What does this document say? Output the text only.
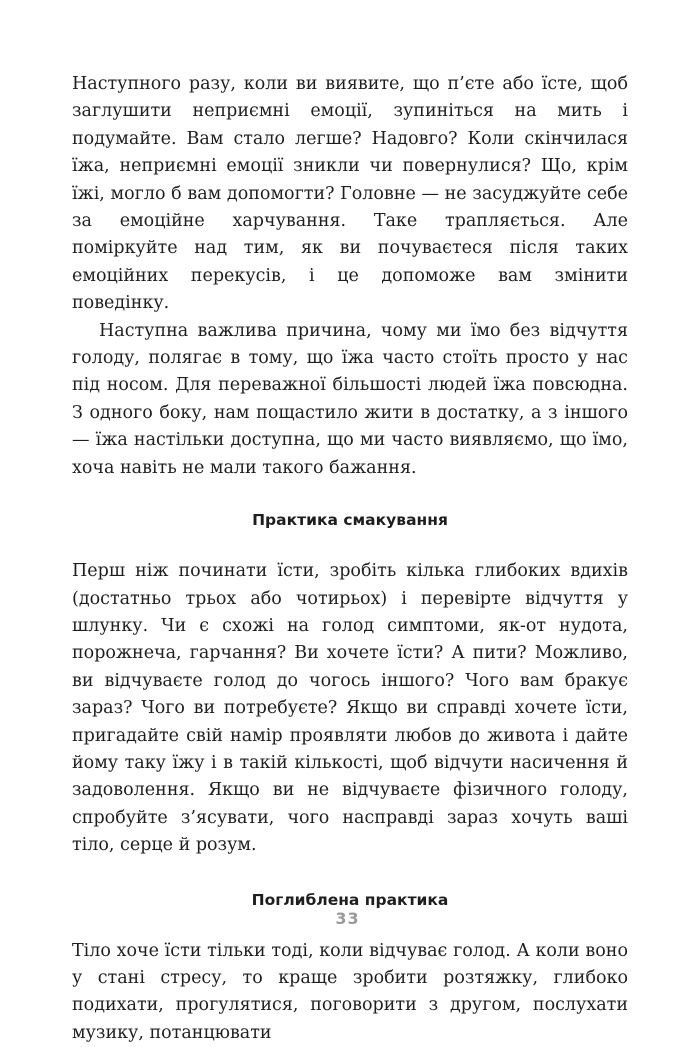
Наступного разу, коли ви виявите, що п’єте або їсте, щоб заглушити неприємні емоції, зупиніться на мить і подумайте. Вам стало легше? Надовго? Коли скінчилася їжа, неприємні емоції зникли чи повернулися? Що, крім їжі, могло б вам допомогти? Головне — не засуджуйте себе за емоційне харчування. Таке трапляється. Але поміркуйте над тим, як ви почуваєтеся після таких емоційних перекусів, і це допоможе вам змінити поведінку.

Наступна важлива причина, чому ми їмо без відчуття голоду, полягає в тому, що їжа часто стоїть просто у нас під носом. Для переважної більшості людей їжа повсюдна. З одного боку, нам пощастило жити в достатку, а з іншого — їжа настільки доступна, що ми часто виявляємо, що їмо, хоча навіть не мали такого бажання.

Практика смакування

Перш ніж починати їсти, зробіть кілька глибоких вдихів (достатньо трьох або чотирьох) і перевірте відчуття у шлунку. Чи є схожі на голод симптоми, як-от нудота, порожнеча, гарчання? Ви хочете їсти? А пити? Можливо, ви відчуваєте голод до чогось іншого? Чого вам бракує зараз? Чого ви потребуєте? Якщо ви справді хочете їсти, пригадайте свій намір проявляти любов до живота і дайте йому таку їжу і в такій кількості, щоб відчути насичення й задоволення. Якщо ви не відчуваєте фізичного голоду, спробуйте з’ясувати, чого насправді зараз хочуть ваші тіло, серце й розум.

Поглиблена практика

Тіло хоче їсти тільки тоді, коли відчуває голод. А коли воно у стані стресу, то краще зробити розтяжку, глибоко подихати, прогулятися, поговорити з другом, послухати музику, потанцювати

33
